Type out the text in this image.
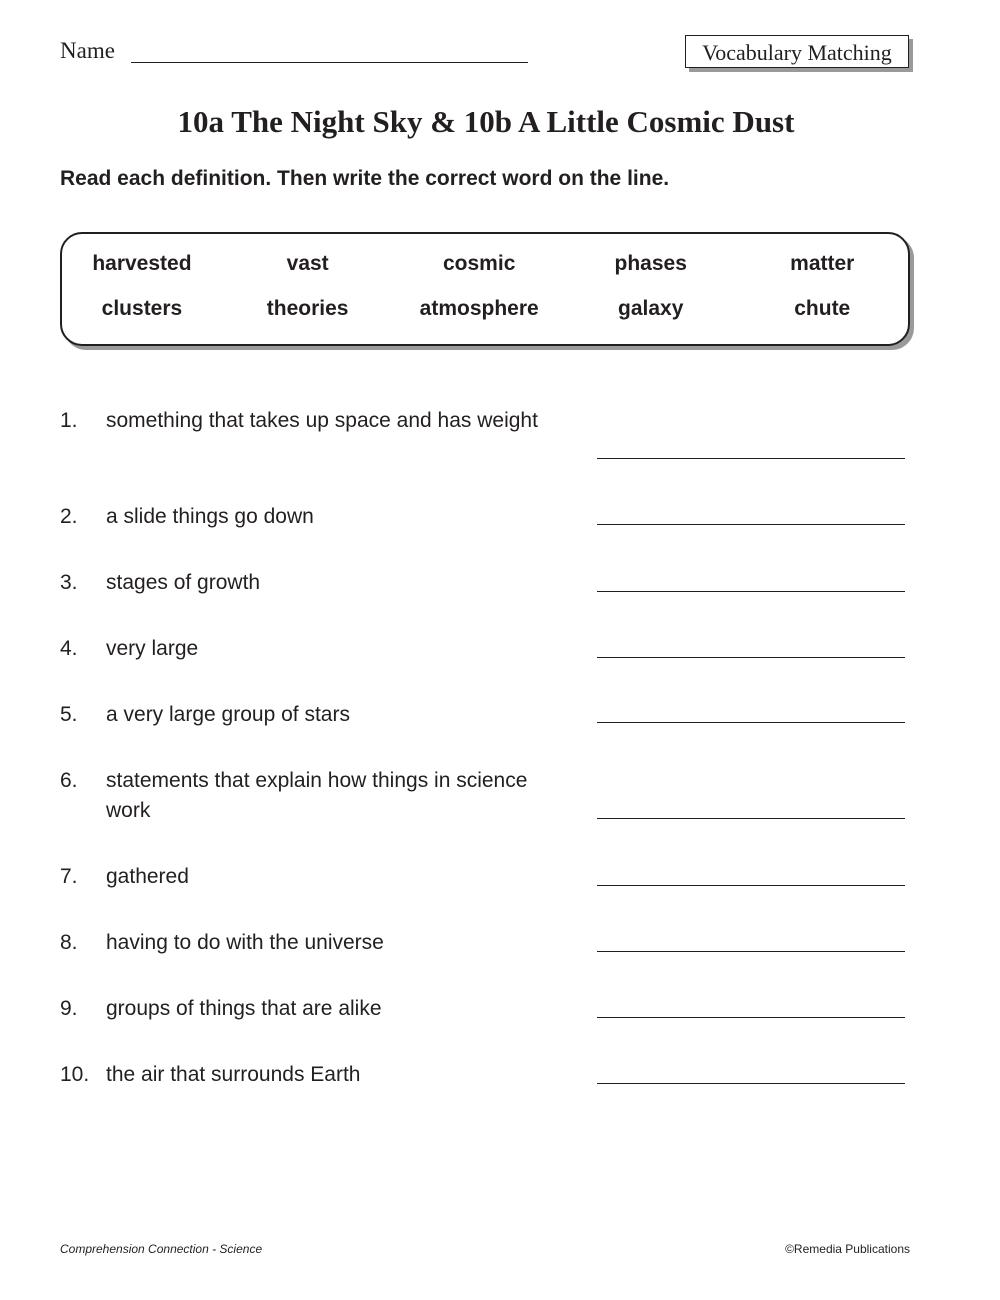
Name	Vocabulary Matching
10a The Night Sky & 10b A Little Cosmic Dust
Read each definition. Then write the correct word on the line.
harvested	vast	cosmic	phases	matter
clusters	theories	atmosphere	galaxy	chute
1. something that takes up space and has weight
2. a slide things go down
3. stages of growth
4. very large
5. a very large group of stars
6. statements that explain how things in science work
7. gathered
8. having to do with the universe
9. groups of things that are alike
10. the air that surrounds Earth
Comprehension Connection - Science	©Remedia Publications
